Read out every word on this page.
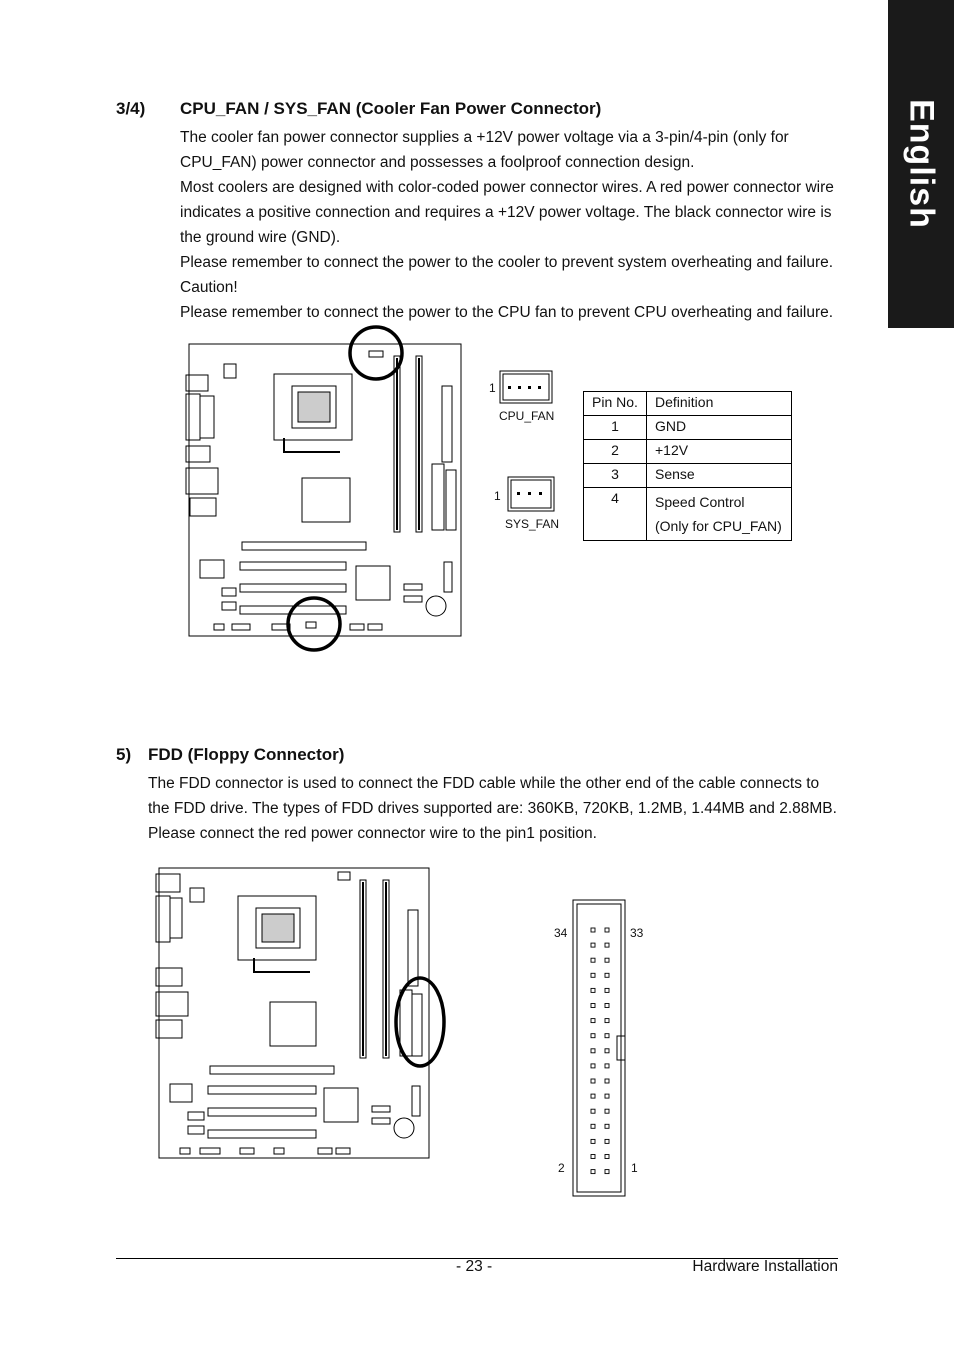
English
3/4) CPU_FAN / SYS_FAN (Cooler Fan Power Connector)

The cooler fan power connector supplies a +12V power voltage via a 3-pin/4-pin (only for CPU_FAN) power connector and possesses a foolproof connection design.

Most coolers are designed with color-coded power connector wires. A red power connector wire indicates a positive connection and requires a +12V power voltage. The black connector wire is the ground wire (GND).

Please remember to connect the power to the cooler to prevent system overheating and failure.

Caution!

Please remember to connect the power to the CPU fan to prevent CPU overheating and failure.

1
CPU_FAN
1
SYS_FAN
Pin No.	Definition
1	GND
2	+12V
3	Sense
4	Speed Control
(Only for CPU_FAN)
5) FDD (Floppy Connector)

The FDD connector is used to connect the FDD cable while the other end of the cable connects to the FDD drive. The types of FDD drives supported are: 360KB, 720KB, 1.2MB, 1.44MB and 2.88MB.

Please connect the red power connector wire to the pin1 position.

34	33
2	1
- 23 -	Hardware Installation
